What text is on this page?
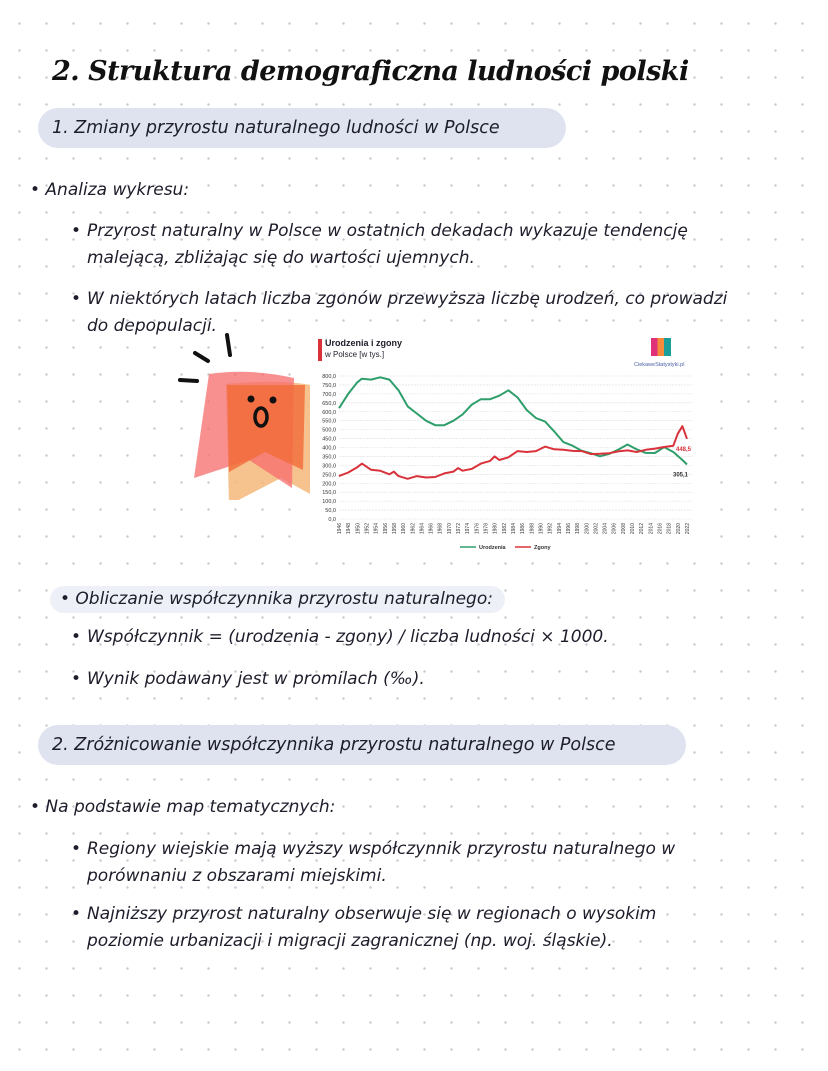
2. Struktura demograficzna ludności polski
1. Zmiany przyrostu naturalnego ludności w Polsce
• Analiza wykresu:
• Przyrost naturalny w Polsce w ostatnich dekadach wykazuje tendencję
malejącą, zbliżając się do wartości ujemnych.
• W niektórych latach liczba zgonów przewyższa liczbę urodzeń, co prowadzi
do depopulacji.
Urodzenia i zgony
w Polsce [w tys.]
CiekaweStatystyki.pl
0,0
50,0
100,0
150,0
200,0
250,0
300,0
350,0
400,0
450,0
500,0
550,0
600,0
650,0
700,0
750,0
800,0
1946 1948 1950 1952 1954 1956 1958 1960 1962 1964 1966 1968 1970 1972 1974 1976 1978 1980 1982 1984 1986 1988 1990 1992 1994 1996 1998 2000 2002 2004 2006 2008 2010 2012 2014 2016 2018 2020 2022
448,5
305,1
Urodzenia	Zgony
• Obliczanie współczynnika przyrostu naturalnego:
• Współczynnik = (urodzenia - zgony) / liczba ludności × 1000.
• Wynik podawany jest w promilach (‰).
2. Zróżnicowanie współczynnika przyrostu naturalnego w Polsce
• Na podstawie map tematycznych:
• Regiony wiejskie mają wyższy współczynnik przyrostu naturalnego w
porównaniu z obszarami miejskimi.
• Najniższy przyrost naturalny obserwuje się w regionach o wysokim
poziomie urbanizacji i migracji zagranicznej (np. woj. śląskie).
